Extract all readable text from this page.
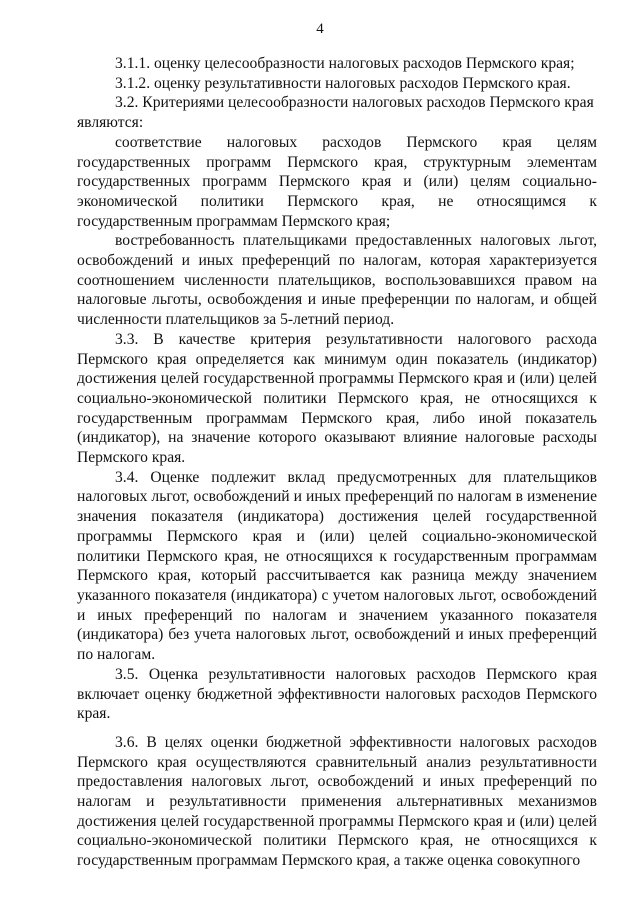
4

3.1.1. оценку целесообразности налоговых расходов Пермского края;

3.1.2. оценку результативности налоговых расходов Пермского края.

3.2. Критериями целесообразности налоговых расходов Пермского края

являются:

соответствие налоговых расходов Пермского края целям государственных программ Пермского края, структурным элементам государственных программ Пермского края и (или) целям социально-экономической политики Пермского края, не относящимся к государственным программам Пермского края;

востребованность плательщиками предоставленных налоговых льгот, освобождений и иных преференций по налогам, которая характеризуется соотношением численности плательщиков, воспользовавшихся правом на налоговые льготы, освобождения и иные преференции по налогам, и общей численности плательщиков за 5-летний период.

3.3. В качестве критерия результативности налогового расхода Пермского края определяется как минимум один показатель (индикатор) достижения целей государственной программы Пермского края и (или) целей социально-экономической политики Пермского края, не относящихся к государственным программам Пермского края, либо иной показатель (индикатор), на значение которого оказывают влияние налоговые расходы Пермского края.

3.4. Оценке подлежит вклад предусмотренных для плательщиков налоговых льгот, освобождений и иных преференций по налогам в изменение значения показателя (индикатора) достижения целей государственной программы Пермского края и (или) целей социально-экономической политики Пермского края, не относящихся к государственным программам Пермского края, который рассчитывается как разница между значением указанного показателя (индикатора) с учетом налоговых льгот, освобождений и иных преференций по налогам и значением указанного показателя (индикатора) без учета налоговых льгот, освобождений и иных преференций по налогам.

3.5. Оценка результативности налоговых расходов Пермского края включает оценку бюджетной эффективности налоговых расходов Пермского края.

3.6. В целях оценки бюджетной эффективности налоговых расходов Пермского края осуществляются сравнительный анализ результативности предоставления налоговых льгот, освобождений и иных преференций по налогам и результативности применения альтернативных механизмов достижения целей государственной программы Пермского края и (или) целей социально-экономической политики Пермского края, не относящихся к государственным программам Пермского края, а также оценка совокупного
